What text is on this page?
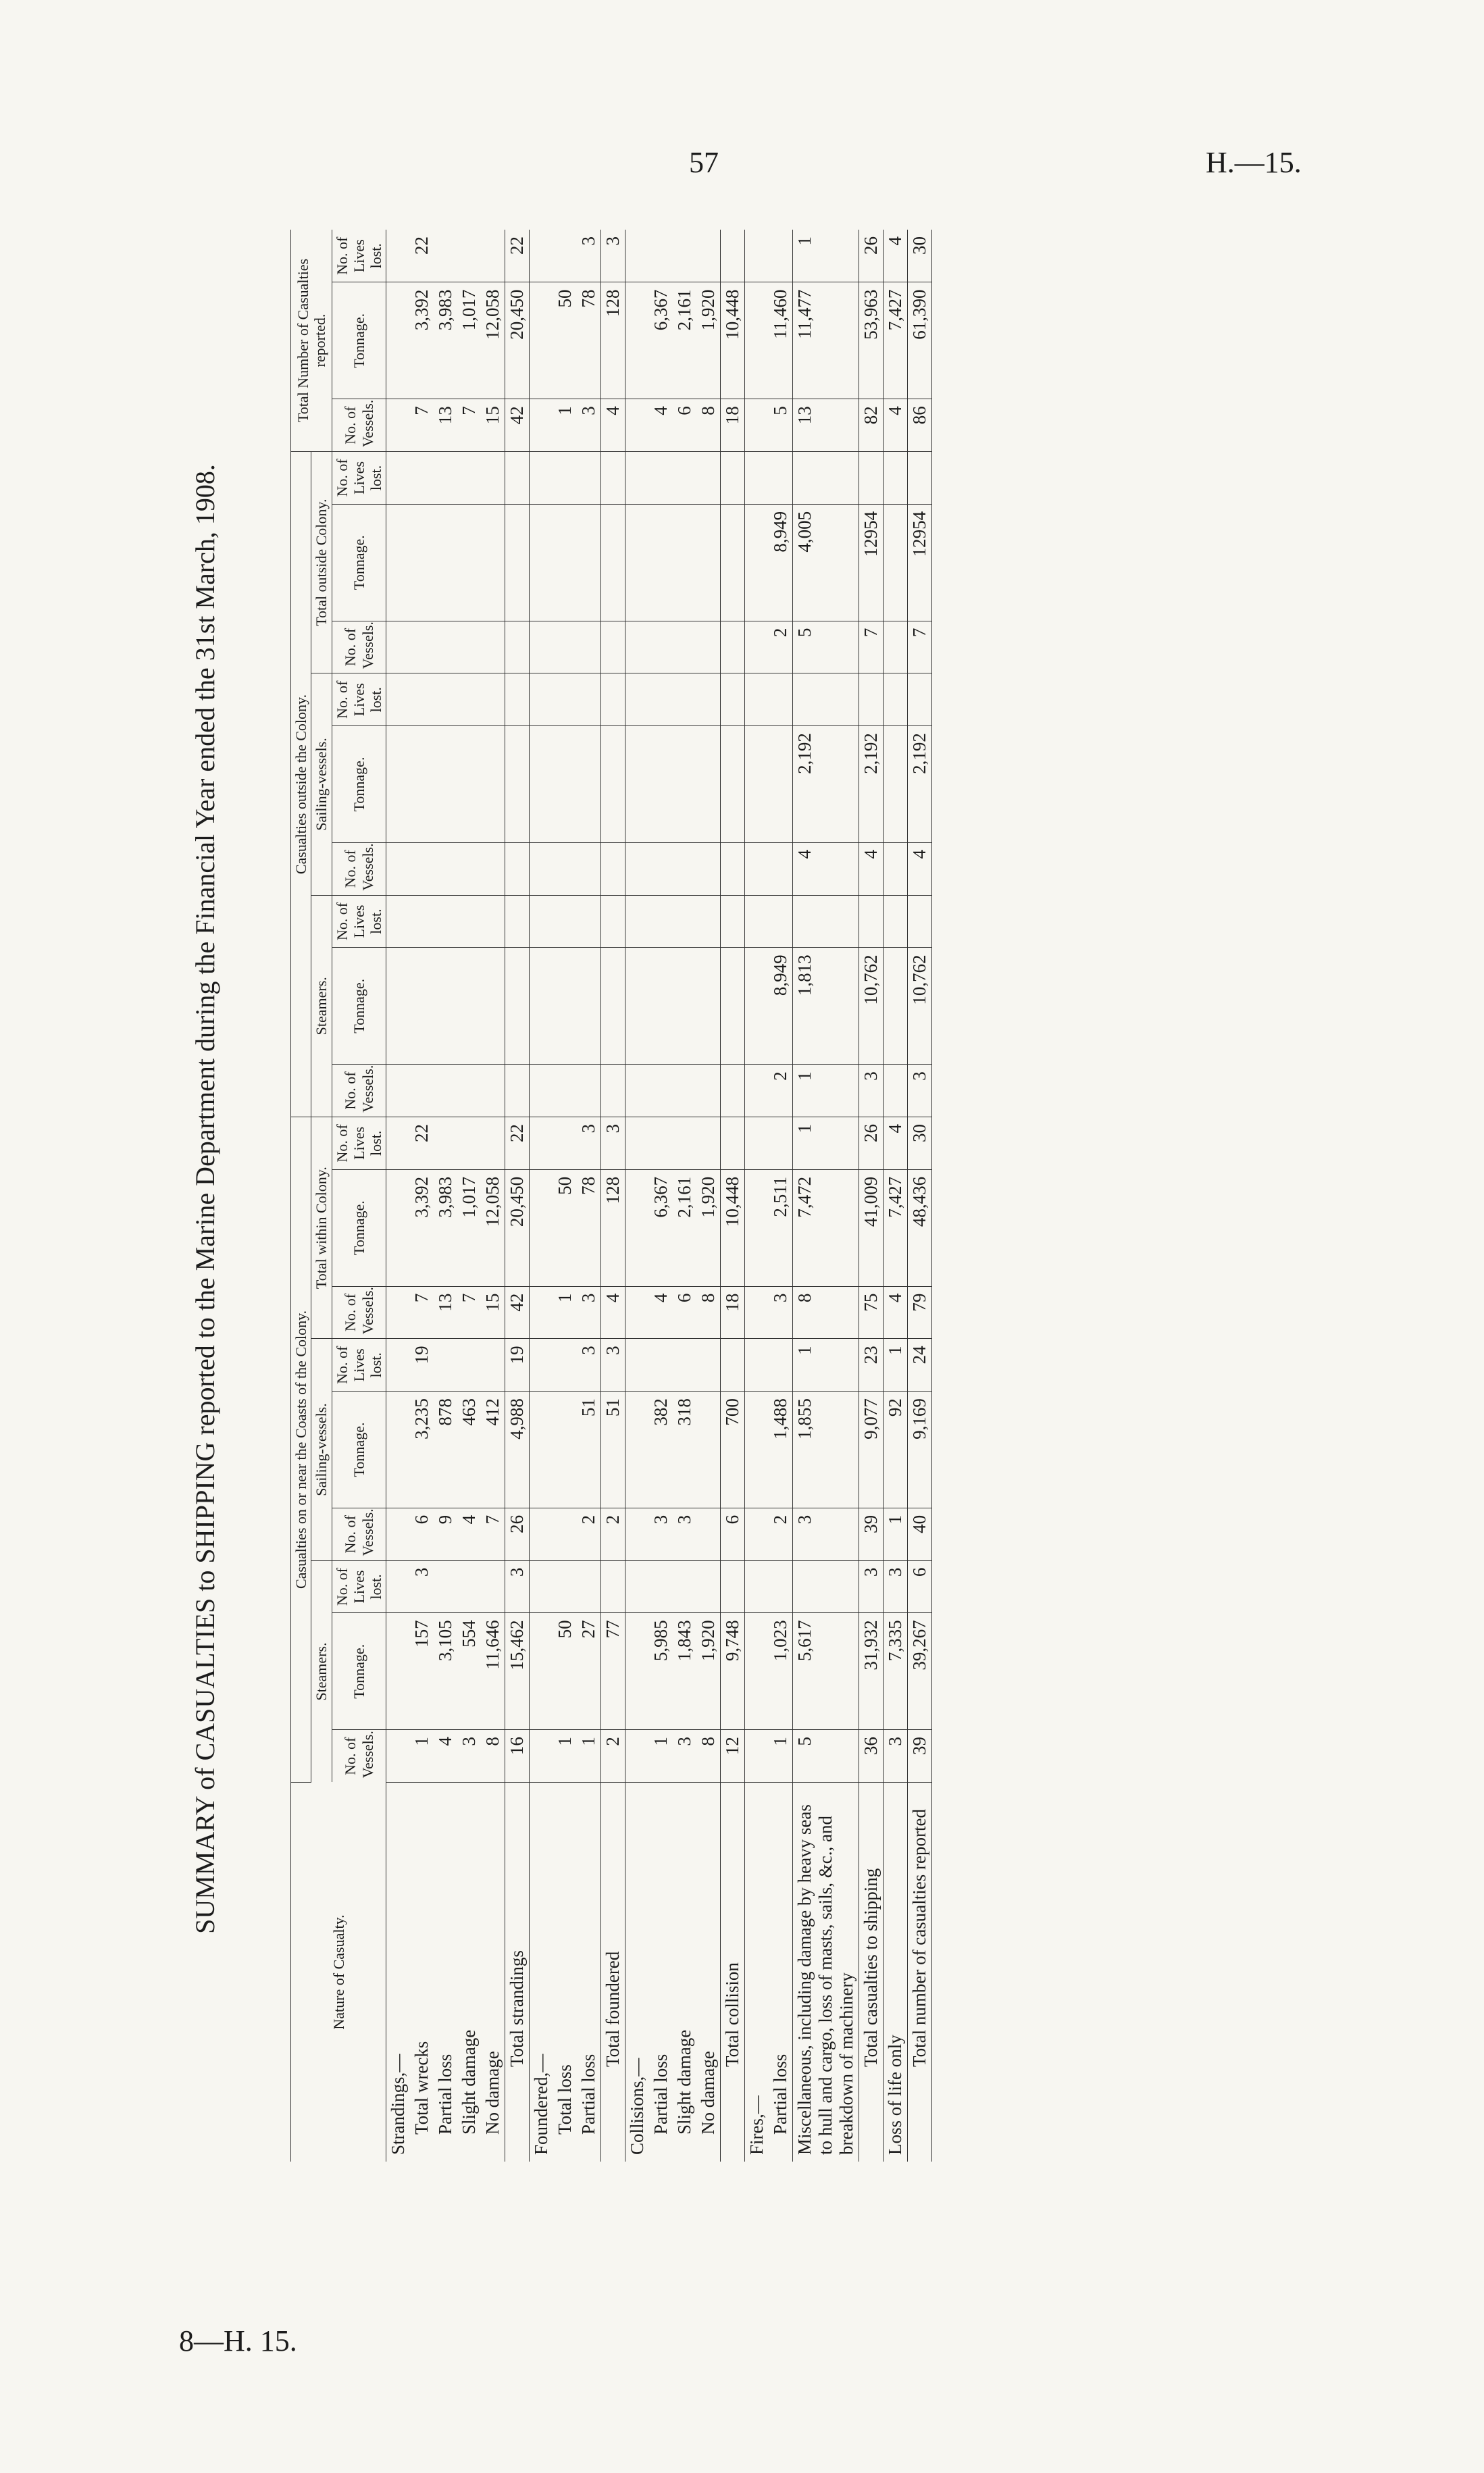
57	H.—15.
8—H. 15.
SUMMARY of CASUALTIES to SHIPPING reported to the Marine Department during the Financial Year ended the 31st March, 1908.
Nature of Casualty.	Casualties on or near the Coasts of the Colony.									Casualties outside the Colony.									Total Number of Casualties reported.		
	Steamers.			Sailing-vessels.			Total within Colony.			Steamers.			Sailing-vessels.			Total outside Colony.					
	No. of Vessels.	Tonnage.	No. of Lives lost.	No. of Vessels.	Tonnage.	No. of Lives lost.	No. of Vessels.	Tonnage.	No. of Lives lost.	No. of Vessels.	Tonnage.	No. of Lives lost.	No. of Vessels.	Tonnage.	No. of Lives lost.	No. of Vessels.	Tonnage.	No. of Lives lost.	No. of Vessels.	Tonnage.	No. of Lives lost.
Strandings,—																					
Total wrecks	1	157	3	6	3,235	19	7	3,392	22										7	3,392	22
Partial loss	4	3,105		9	878		13	3,983											13	3,983	
Slight damage	3	554		4	463		7	1,017											7	1,017	
No damage	8	11,646		7	412		15	12,058											15	12,058	
Total strandings	16	15,462	3	26	4,988	19	42	20,450	22										42	20,450	22
Foundered,—																					
Total loss	1	50					1	50											1	50	
Partial loss	1	27		2	51	3	3	78	3										3	78	3
Total foundered	2	77		2	51	3	4	128	3										4	128	3
Collisions,—																					
Partial loss	1	5,985		3	382		4	6,367											4	6,367	
Slight damage	3	1,843		3	318		6	2,161											6	2,161	
No damage	8	1,920					8	1,920											8	1,920	
Total collision	12	9,748		6	700		18	10,448											18	10,448	
Fires,—																					
Partial loss	1	1,023		2	1,488		3	2,511		2	8,949					2	8,949		5	11,460	
Miscellaneous, including damage by heavy seas to hull and cargo, loss of masts, sails, &c., and breakdown of machinery	5	5,617		3	1,855	1	8	7,472	1	1	1,813		4	2,192		5	4,005		13	11,477	1
Total casualties to shipping	36	31,932	3	39	9,077	23	75	41,009	26	3	10,762		4	2,192		7	12954		82	53,963	26
Loss of life only	3	7,335	3	1	92	1	4	7,427	4										4	7,427	4
Total number of casualties reported	39	39,267	6	40	9,169	24	79	48,436	30	3	10,762		4	2,192		7	12954		86	61,390	30
